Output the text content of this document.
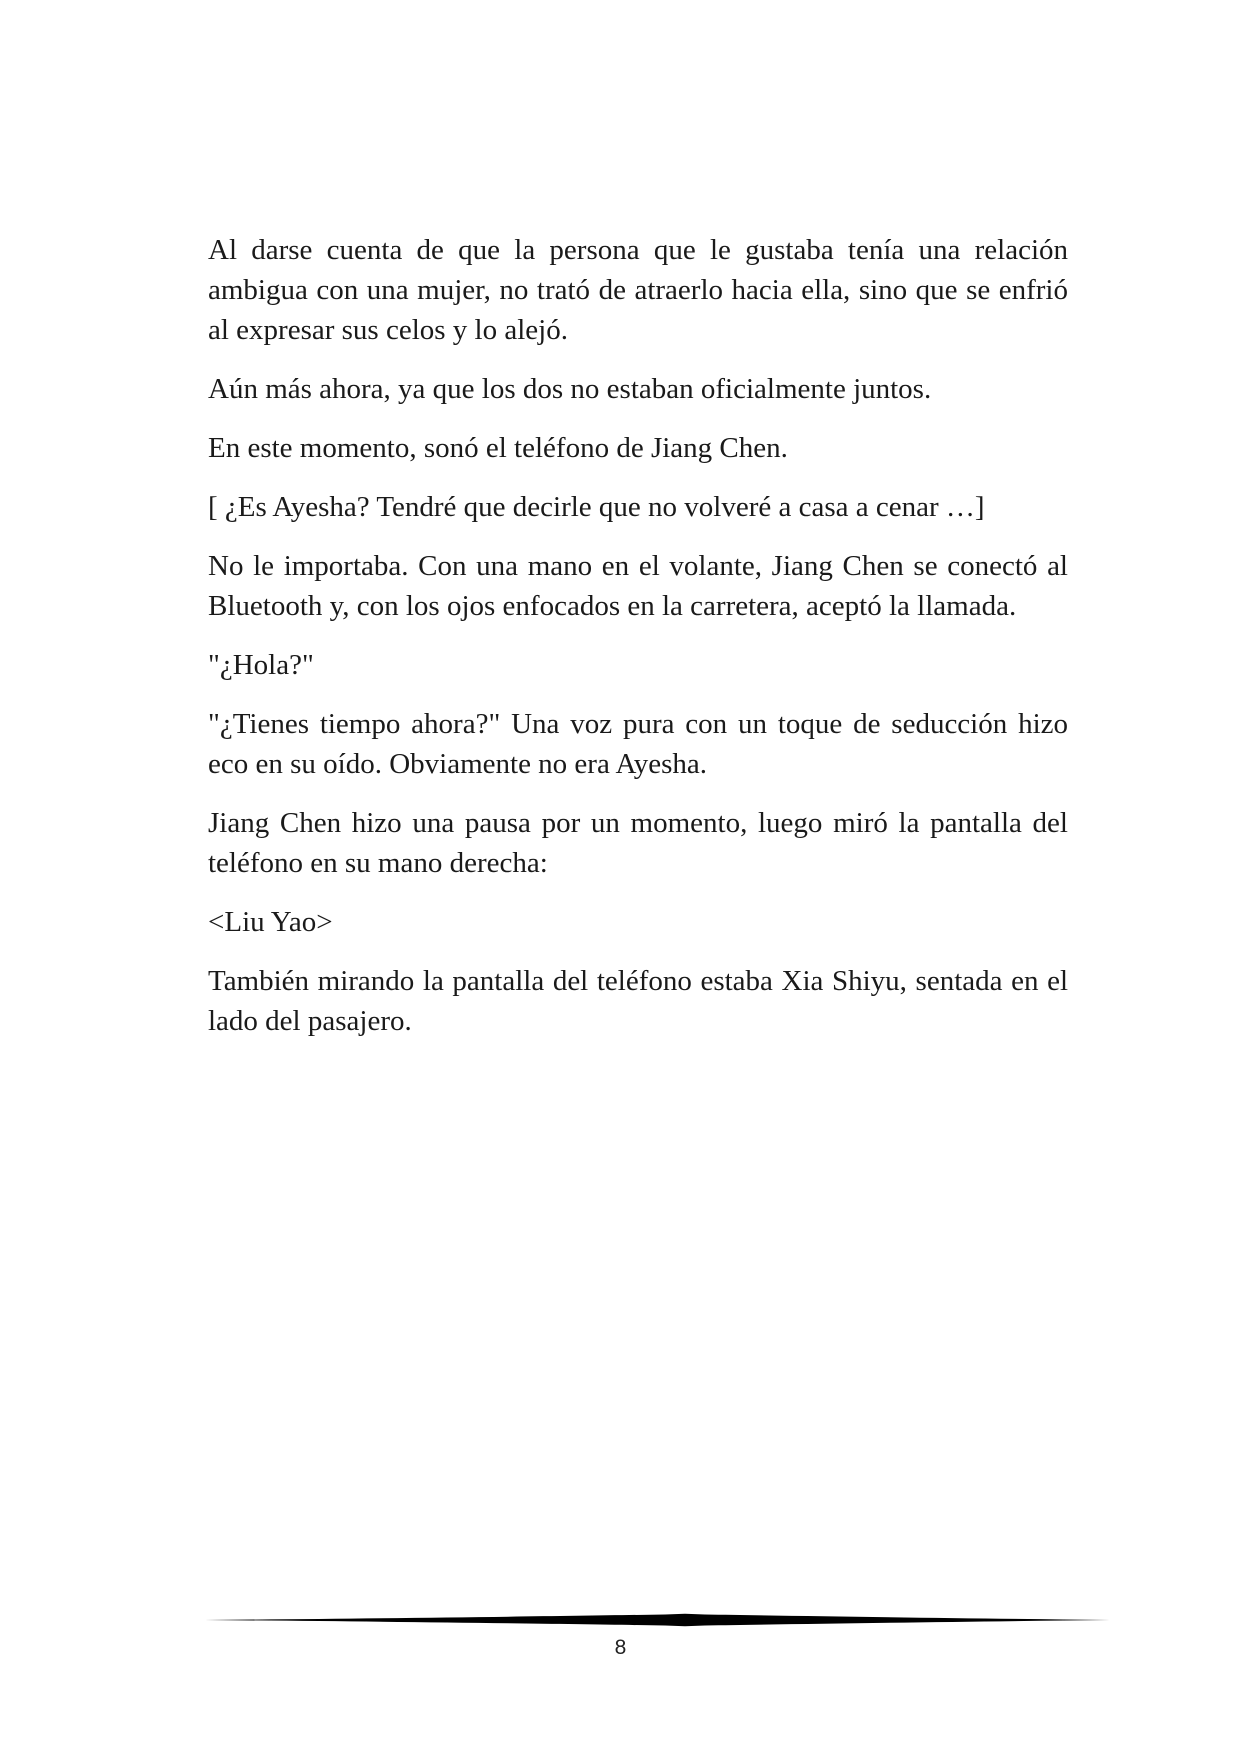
Al darse cuenta de que la persona que le gustaba tenía una relación ambigua con una mujer, no trató de atraerlo hacia ella, sino que se enfrió al expresar sus celos y lo alejó.

Aún más ahora, ya que los dos no estaban oficialmente juntos.

En este momento, sonó el teléfono de Jiang Chen.

[ ¿Es Ayesha? Tendré que decirle que no volveré a casa a cenar …]

No le importaba. Con una mano en el volante, Jiang Chen se conectó al Bluetooth y, con los ojos enfocados en la carretera, aceptó la llamada.

"¿Hola?"

"¿Tienes tiempo ahora?" Una voz pura con un toque de seducción hizo eco en su oído. Obviamente no era Ayesha.

Jiang Chen hizo una pausa por un momento, luego miró la pantalla del teléfono en su mano derecha:

<Liu Yao>

También mirando la pantalla del teléfono estaba Xia Shiyu, sentada en el lado del pasajero.

8
